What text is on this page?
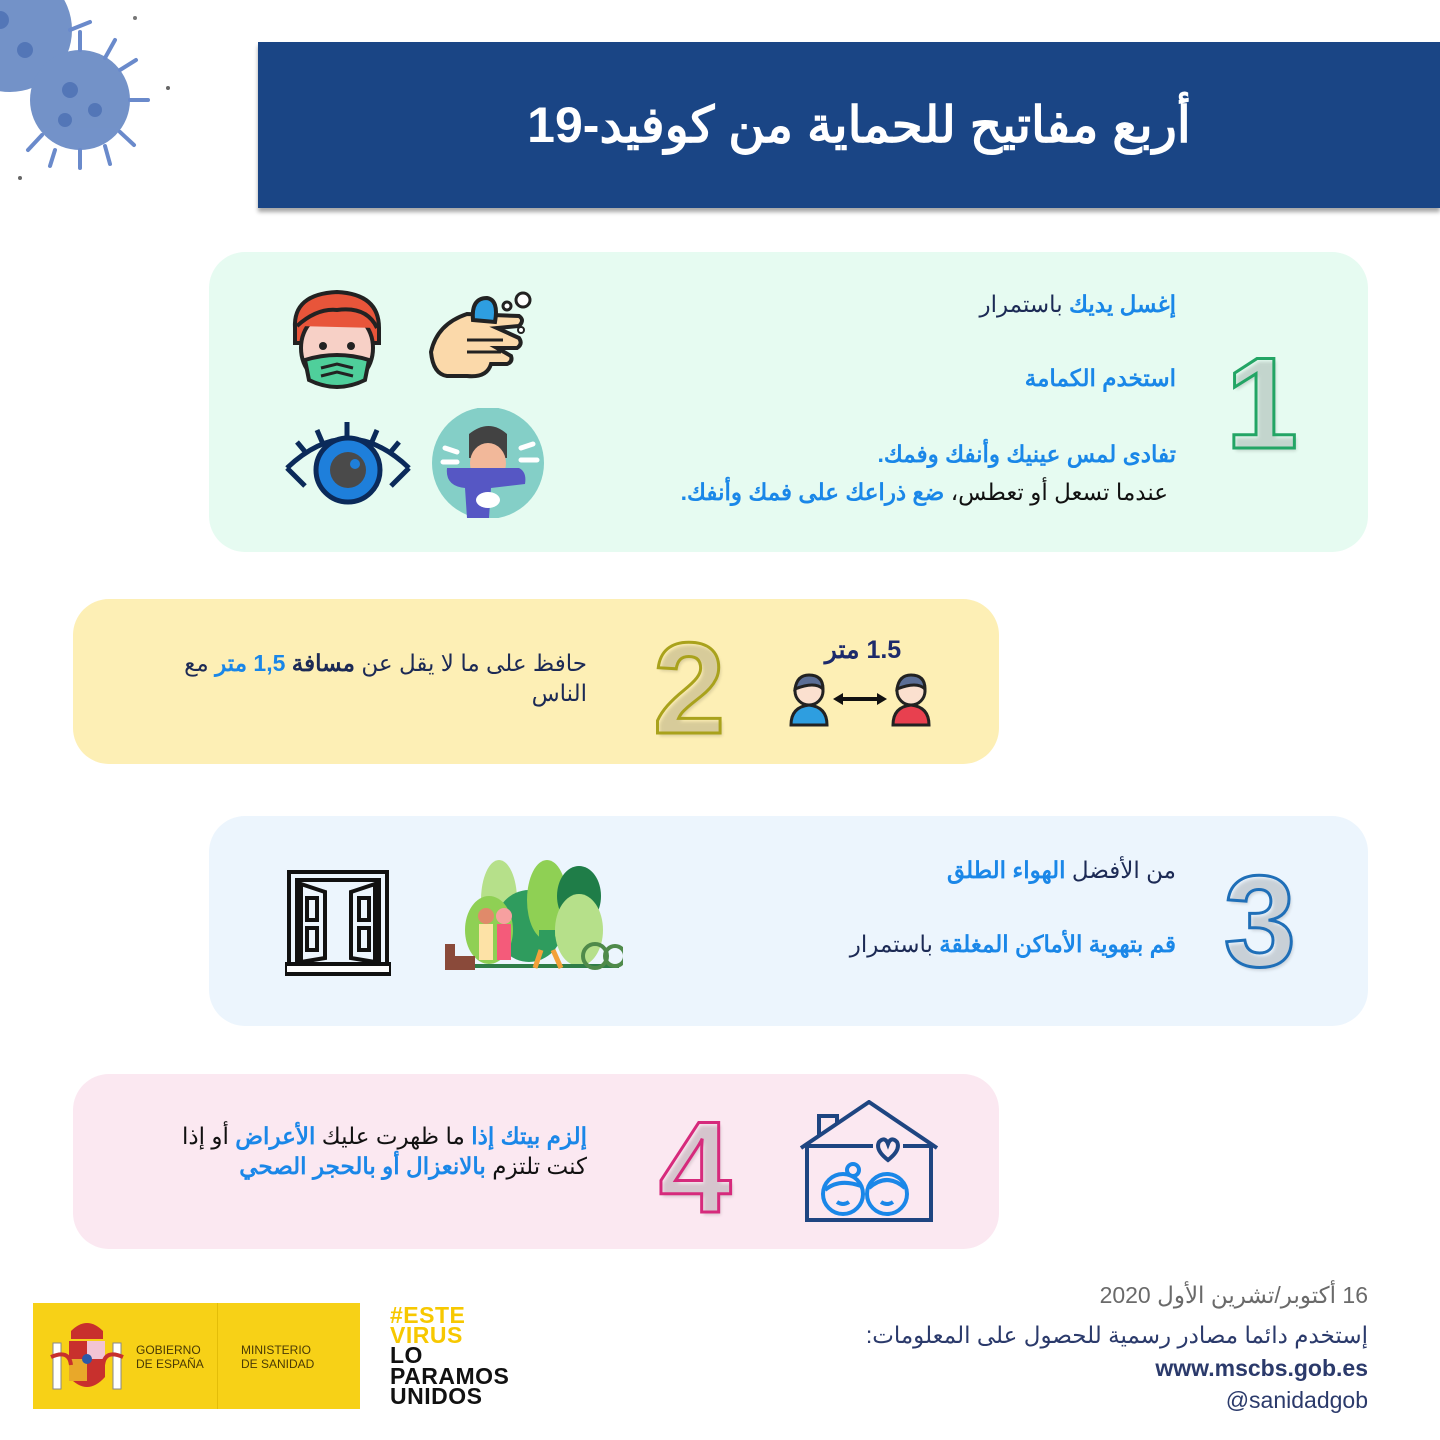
أربع مفاتيح للحماية من كوفيد-19
إغسل يديك باستمرار
استخدم الكمامة
تفادى لمس عينيك وأنفك وفمك.
عندما تسعل أو تعطس، ضع ذراعك على فمك وأنفك.
1
حافظ على ما لا يقل عن مسافة 1,5 متر مع
الناس 2	1.5 متر
من الأفضل الهواء الطلق
قم بتهوية الأماكن المغلقة باستمرار	3
إلزم بيتك إذا ما ظهرت عليك الأعراض أو إذا
كنت تلتزم بالانعزال أو بالحجر الصحي	4
GOBIERNO
DE ESPAÑA
MINISTERIO
DE SANIDAD
#ESTE
VIRUS
LO
PARAMOS
UNIDOS
16 أكتوبر/تشرين الأول 2020
إستخدم دائما مصادر رسمية للحصول على المعلومات:
www.mscbs.gob.es
@sanidadgob
